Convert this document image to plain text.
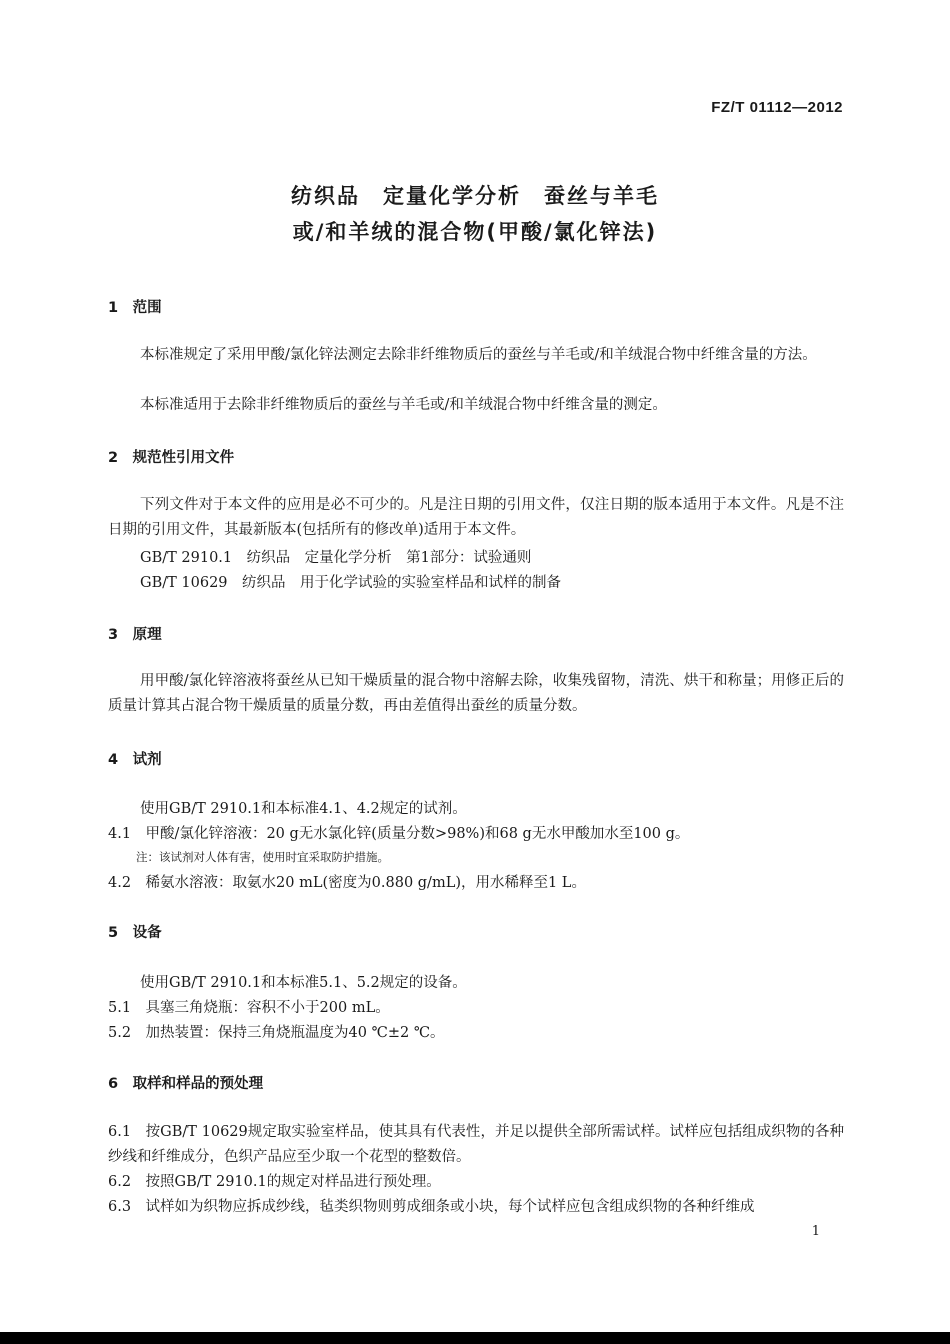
FZ/T 01112—2012
纺织品　定量化学分析　蚕丝与羊毛
或/和羊绒的混合物(甲酸/氯化锌法)
1　范围
本标准规定了采用甲酸/氯化锌法测定去除非纤维物质后的蚕丝与羊毛或/和羊绒混合物中纤维含量的方法。
本标准适用于去除非纤维物质后的蚕丝与羊毛或/和羊绒混合物中纤维含量的测定。
2　规范性引用文件
下列文件对于本文件的应用是必不可少的。凡是注日期的引用文件，仅注日期的版本适用于本文件。凡是不注日期的引用文件，其最新版本(包括所有的修改单)适用于本文件。
GB/T 2910.1　纺织品　定量化学分析　第1部分：试验通则
GB/T 10629　纺织品　用于化学试验的实验室样品和试样的制备
3　原理
用甲酸/氯化锌溶液将蚕丝从已知干燥质量的混合物中溶解去除，收集残留物，清洗、烘干和称量；用修正后的质量计算其占混合物干燥质量的质量分数，再由差值得出蚕丝的质量分数。
4　试剂
使用GB/T 2910.1和本标准4.1、4.2规定的试剂。
4.1　甲酸/氯化锌溶液：20 g无水氯化锌(质量分数>98%)和68 g无水甲酸加水至100 g。
注：该试剂对人体有害，使用时宜采取防护措施。
4.2　稀氨水溶液：取氨水20 mL(密度为0.880 g/mL)，用水稀释至1 L。
5　设备
使用GB/T 2910.1和本标准5.1、5.2规定的设备。
5.1　具塞三角烧瓶：容积不小于200 mL。
5.2　加热装置：保持三角烧瓶温度为40 ℃±2 ℃。
6　取样和样品的预处理
6.1　按GB/T 10629规定取实验室样品，使其具有代表性，并足以提供全部所需试样。试样应包括组成织物的各种纱线和纤维成分，色织产品应至少取一个花型的整数倍。
6.2　按照GB/T 2910.1的规定对样品进行预处理。
6.3　试样如为织物应拆成纱线，毡类织物则剪成细条或小块，每个试样应包含组成织物的各种纤维成
1
